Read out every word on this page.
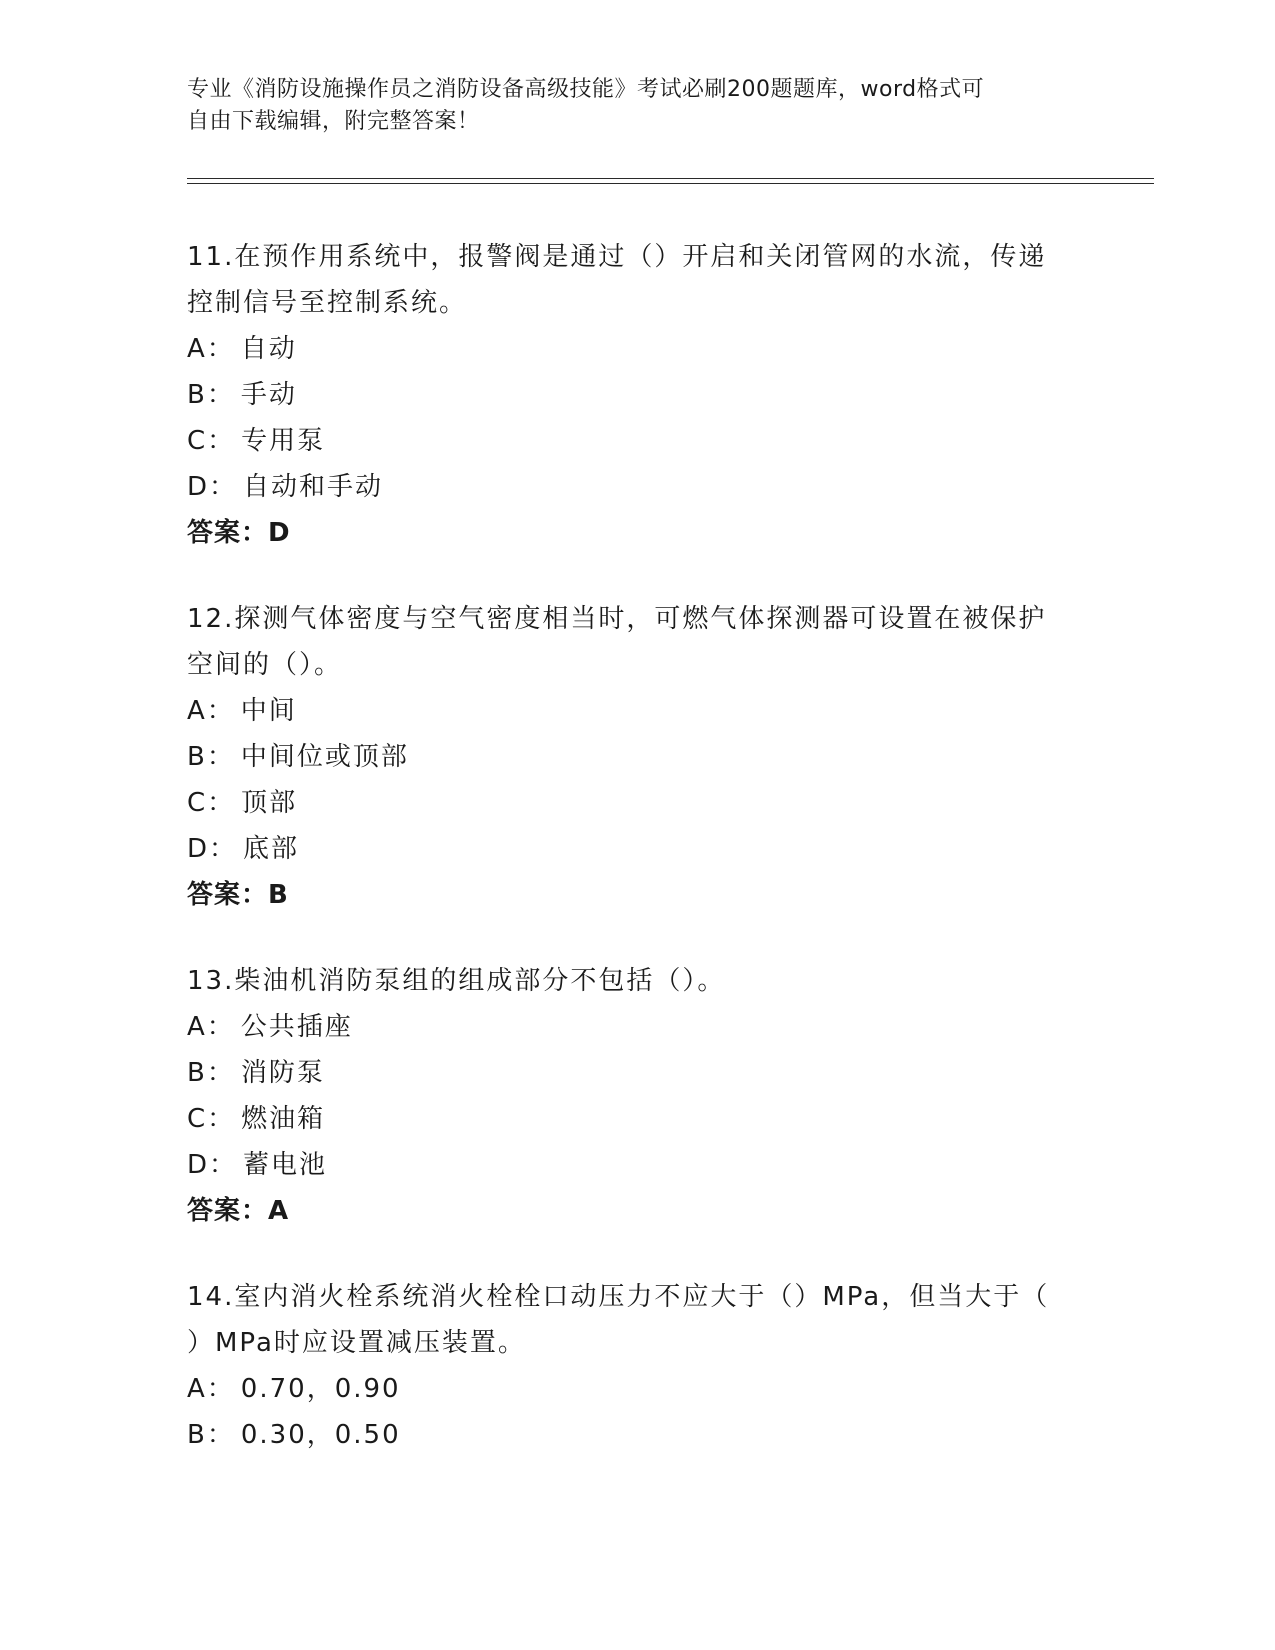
专业《消防设施操作员之消防设备高级技能》考试必刷200题题库，word格式可
自由下载编辑，附完整答案！
11.在预作用系统中，报警阀是通过（）开启和关闭管网的水流，传递
控制信号至控制系统。
A： 自动
B： 手动
C： 专用泵
D： 自动和手动
答案：D
12.探测气体密度与空气密度相当时，可燃气体探测器可设置在被保护
空间的（）。
A： 中间
B： 中间位或顶部
C： 顶部
D： 底部
答案：B
13.柴油机消防泵组的组成部分不包括（）。
A： 公共插座
B： 消防泵
C： 燃油箱
D： 蓄电池
答案：A
14.室内消火栓系统消火栓栓口动压力不应大于（）MPa，但当大于（
）MPa时应设置减压装置。
A： 0.70，0.90
B： 0.30，0.50
